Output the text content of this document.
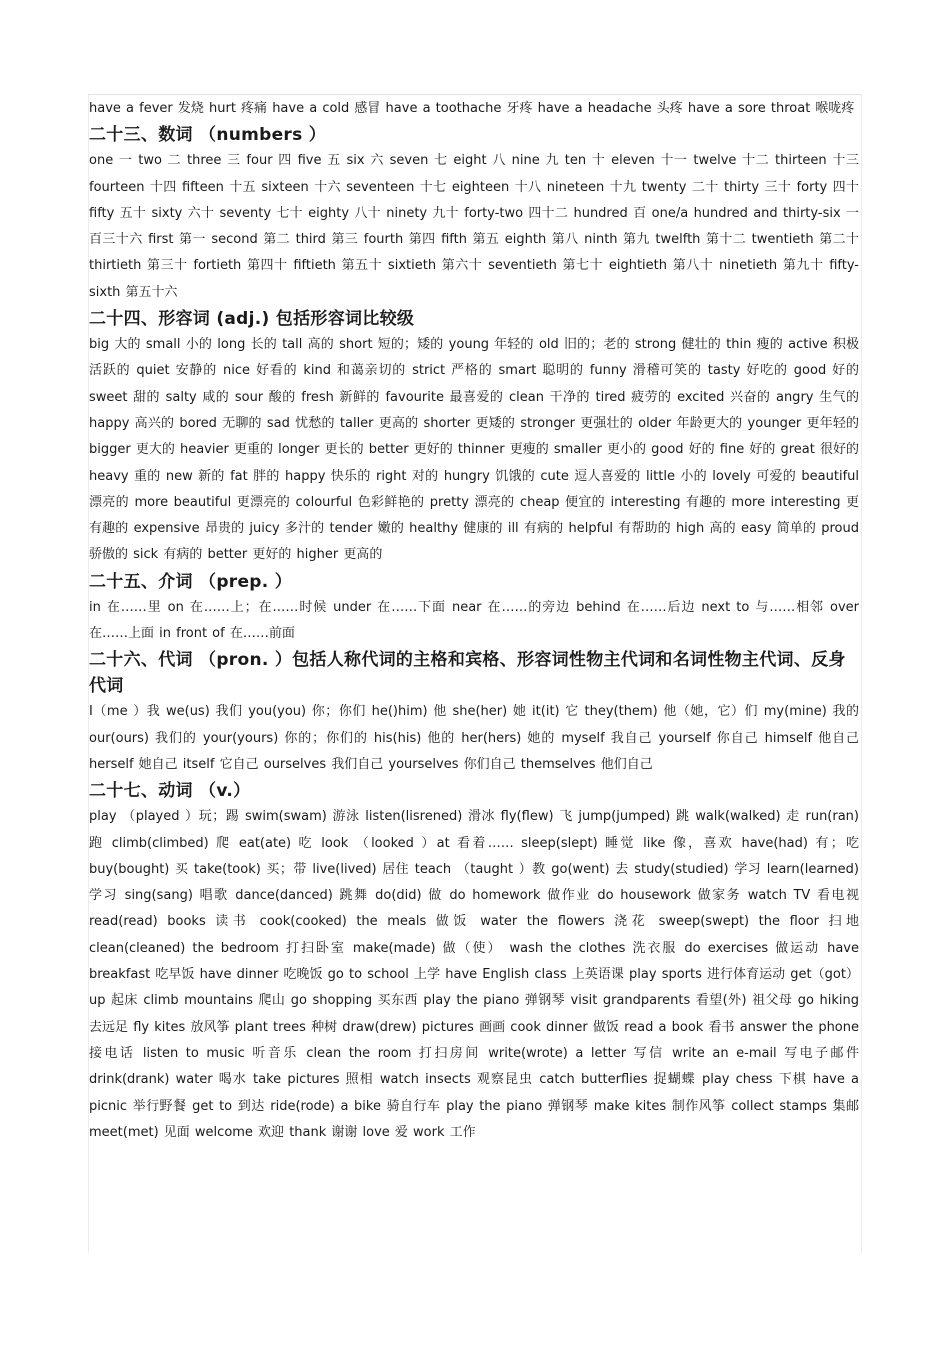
have a fever 发烧 hurt 疼痛 have a cold 感冒 have a toothache 牙疼 have a headache 头疼 have a sore throat 喉咙疼

二十三、数词 （numbers ）

one 一 two 二 three 三 four 四 five 五 six 六 seven 七 eight 八 nine 九 ten 十 eleven 十一 twelve 十二 thirteen 十三 fourteen 十四 fifteen 十五 sixteen 十六 seventeen 十七 eighteen 十八 nineteen 十九 twenty 二十 thirty 三十 forty 四十 fifty 五十 sixty 六十 seventy 七十 eighty 八十 ninety 九十 forty-two 四十二 hundred 百 one/a hundred and thirty-six 一百三十六 first 第一 second 第二 third 第三 fourth 第四 fifth 第五 eighth 第八 ninth 第九 twelfth 第十二 twentieth 第二十 thirtieth 第三十 fortieth 第四十 fiftieth 第五十 sixtieth 第六十 seventieth 第七十 eightieth 第八十 ninetieth 第九十 fifty-sixth 第五十六

二十四、形容词 (adj.) 包括形容词比较级

big 大的 small 小的 long 长的 tall 高的 short 短的；矮的 young 年轻的 old 旧的；老的 strong 健壮的 thin 瘦的 active 积极活跃的 quiet 安静的 nice 好看的 kind 和蔼亲切的 strict 严格的 smart 聪明的 funny 滑稽可笑的 tasty 好吃的 good 好的 sweet 甜的 salty 咸的 sour 酸的 fresh 新鲜的 favourite 最喜爱的 clean 干净的 tired 疲劳的 excited 兴奋的 angry 生气的 happy 高兴的 bored 无聊的 sad 忧愁的 taller 更高的 shorter 更矮的 stronger 更强壮的 older 年龄更大的 younger 更年轻的 bigger 更大的 heavier 更重的 longer 更长的 better 更好的 thinner 更瘦的 smaller 更小的 good 好的 fine 好的 great 很好的 heavy 重的 new 新的 fat 胖的 happy 快乐的 right 对的 hungry 饥饿的 cute 逗人喜爱的 little 小的 lovely 可爱的 beautiful 漂亮的 more beautiful 更漂亮的 colourful 色彩鲜艳的 pretty 漂亮的 cheap 便宜的 interesting 有趣的 more interesting 更有趣的 expensive 昂贵的 juicy 多汁的 tender 嫩的 healthy 健康的 ill 有病的 helpful 有帮助的 high 高的 easy 简单的 proud 骄傲的 sick 有病的 better 更好的 higher 更高的

二十五、介词 （prep. ）

in 在……里 on 在……上；在……时候 under 在……下面 near 在……的旁边 behind 在……后边 next to 与……相邻 over 在……上面 in front of 在……前面

二十六、代词 （pron. ）包括人称代词的主格和宾格、形容词性物主代词和名词性物主代词、反身代词

I（me ）我 we(us) 我们 you(you) 你；你们 he()him) 他 she(her) 她 it(it) 它 they(them) 他（她，它）们 my(mine) 我的 our(ours) 我们的 your(yours) 你的；你们的 his(his) 他的 her(hers) 她的 myself 我自己 yourself 你自己 himself 他自己 herself 她自己 itself 它自己 ourselves 我们自己 yourselves 你们自己 themselves 他们自己

二十七、动词 （v.）

play （played ）玩；踢 swim(swam) 游泳 listen(lisrened) 滑冰 fly(flew) 飞 jump(jumped) 跳 walk(walked) 走 run(ran) 跑 climb(climbed) 爬 eat(ate) 吃 look （looked ）at 看着…… sleep(slept) 睡觉 like 像，喜欢 have(had) 有；吃 buy(bought) 买 take(took) 买；带 live(lived) 居住 teach （taught ）教 go(went) 去 study(studied) 学习 learn(learned) 学习 sing(sang) 唱歌 dance(danced) 跳舞 do(did) 做 do homework 做作业 do housework 做家务 watch TV 看电视 read(read) books 读书 cook(cooked) the meals 做饭 water the flowers 浇花 sweep(swept) the floor 扫地 clean(cleaned) the bedroom 打扫卧室 make(made) 做（使） wash the clothes 洗衣服 do exercises 做运动 have breakfast 吃早饭 have dinner 吃晚饭 go to school 上学 have English class 上英语课 play sports 进行体育运动 get（got）up 起床 climb mountains 爬山 go shopping 买东西 play the piano 弹钢琴 visit grandparents 看望(外) 祖父母 go hiking 去远足 fly kites 放风筝 plant trees 种树 draw(drew) pictures 画画 cook dinner 做饭 read a book 看书 answer the phone 接电话 listen to music 听音乐 clean the room 打扫房间 write(wrote) a letter 写信 write an e-mail 写电子邮件 drink(drank) water 喝水 take pictures 照相 watch insects 观察昆虫 catch butterflies 捉蝴蝶 play chess 下棋 have a picnic 举行野餐 get to 到达 ride(rode) a bike 骑自行车 play the piano 弹钢琴 make kites 制作风筝 collect stamps 集邮 meet(met) 见面 welcome 欢迎 thank 谢谢 love 爱 work 工作
